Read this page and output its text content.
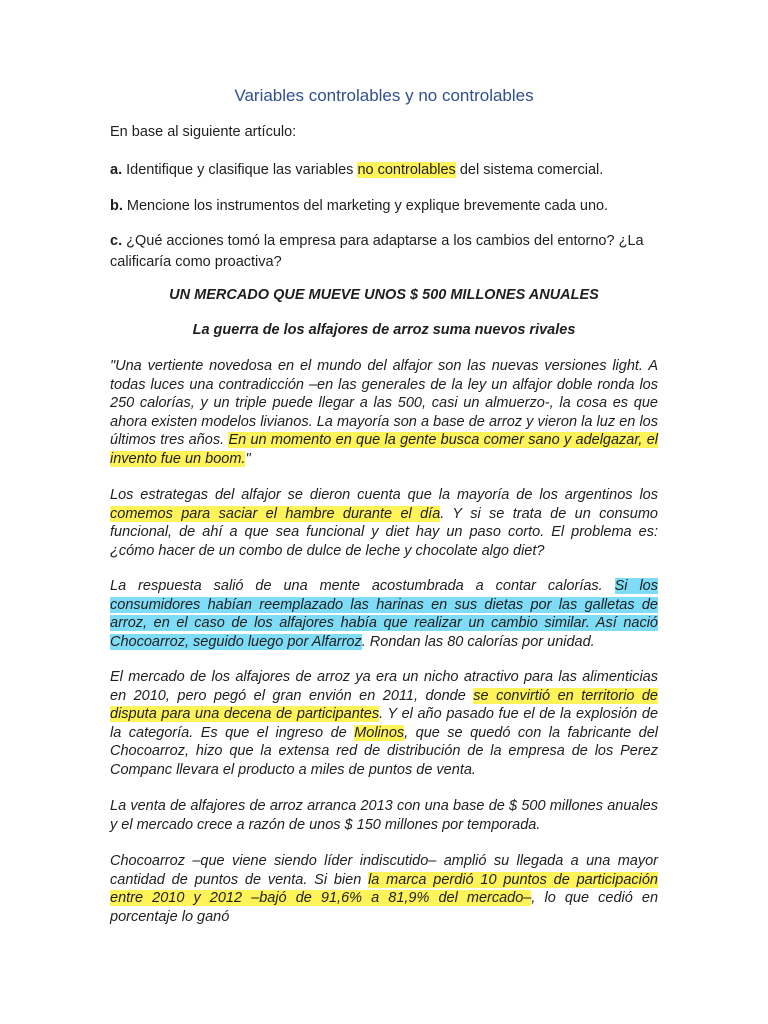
Variables controlables y no controlables
En base al siguiente artículo:
a. Identifique y clasifique las variables no controlables del sistema comercial.
b. Mencione los instrumentos del marketing y explique brevemente cada uno.
c. ¿Qué acciones tomó la empresa para adaptarse a los cambios del entorno? ¿La calificaría como proactiva?
UN MERCADO QUE MUEVE UNOS $ 500 MILLONES ANUALES
La guerra de los alfajores de arroz suma nuevos rivales
"Una vertiente novedosa en el mundo del alfajor son las nuevas versiones light. A todas luces una contradicción –en las generales de la ley un alfajor doble ronda los 250 calorías, y un triple puede llegar a las 500, casi un almuerzo-, la cosa es que ahora existen modelos livianos. La mayoría son a base de arroz y vieron la luz en los últimos tres años. En un momento en que la gente busca comer sano y adelgazar, el invento fue un boom."
Los estrategas del alfajor se dieron cuenta que la mayoría de los argentinos los comemos para saciar el hambre durante el día. Y si se trata de un consumo funcional, de ahí a que sea funcional y diet hay un paso corto. El problema es: ¿cómo hacer de un combo de dulce de leche y chocolate algo diet?
La respuesta salió de una mente acostumbrada a contar calorías. Si los consumidores habían reemplazado las harinas en sus dietas por las galletas de arroz, en el caso de los alfajores había que realizar un cambio similar. Así nació Chocoarroz, seguido luego por Alfarroz. Rondan las 80 calorías por unidad.
El mercado de los alfajores de arroz ya era un nicho atractivo para las alimenticias en 2010, pero pegó el gran envión en 2011, donde se convirtió en territorio de disputa para una decena de participantes. Y el año pasado fue el de la explosión de la categoría. Es que el ingreso de Molinos, que se quedó con la fabricante del Chocoarroz, hizo que la extensa red de distribución de la empresa de los Perez Companc llevara el producto a miles de puntos de venta.
La venta de alfajores de arroz arranca 2013 con una base de $ 500 millones anuales y el mercado crece a razón de unos $ 150 millones por temporada.
Chocoarroz –que viene siendo líder indiscutido– amplió su llegada a una mayor cantidad de puntos de venta. Si bien la marca perdió 10 puntos de participación entre 2010 y 2012 –bajó de 91,6% a 81,9% del mercado–, lo que cedió en porcentaje lo ganó
